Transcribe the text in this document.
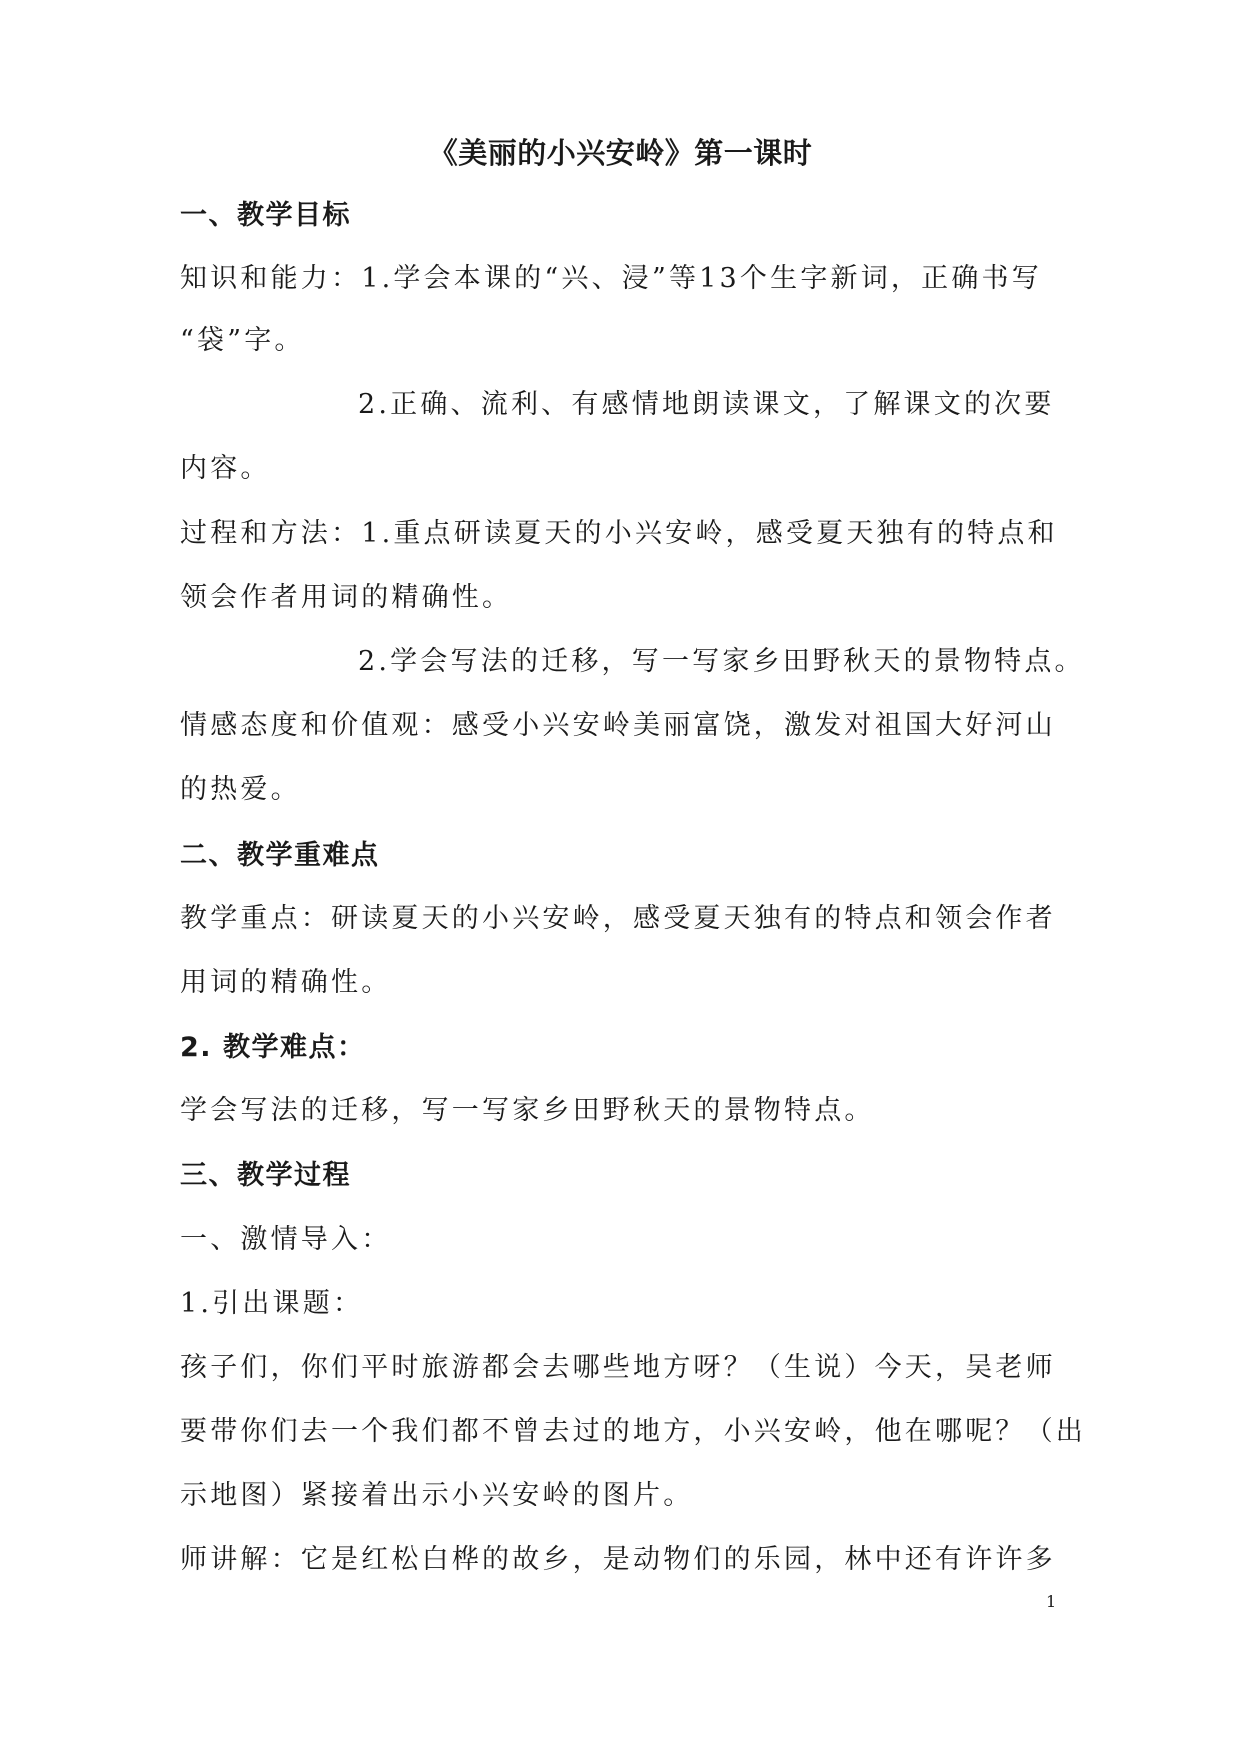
《美丽的小兴安岭》第一课时
一、教学目标
知识和能力：1.学会本课的“兴、浸”等13个生字新词，正确书写
“袋”字。
2.正确、流利、有感情地朗读课文，了解课文的次要
内容。
过程和方法：1.重点研读夏天的小兴安岭，感受夏天独有的特点和
领会作者用词的精确性。
2.学会写法的迁移，写一写家乡田野秋天的景物特点。
情感态度和价值观：感受小兴安岭美丽富饶，激发对祖国大好河山
的热爱。
二、教学重难点
教学重点：研读夏天的小兴安岭，感受夏天独有的特点和领会作者
用词的精确性。
2. 教学难点：
学会写法的迁移，写一写家乡田野秋天的景物特点。
三、教学过程
一、激情导入：
1.引出课题：
孩子们，你们平时旅游都会去哪些地方呀？（生说）今天，吴老师
要带你们去一个我们都不曾去过的地方，小兴安岭，他在哪呢？（出
示地图）紧接着出示小兴安岭的图片。
师讲解：它是红松白桦的故乡，是动物们的乐园，林中还有许许多
1
